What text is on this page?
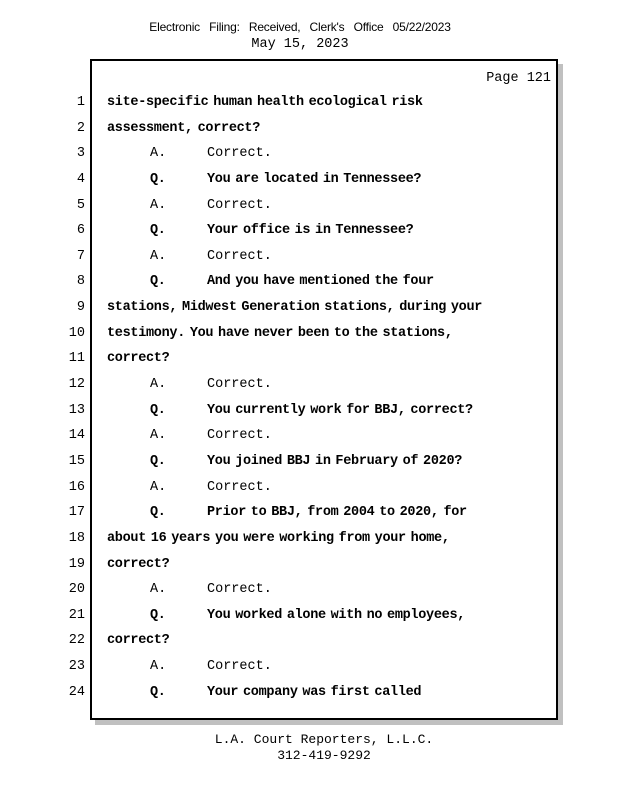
Electronic Filing: Received, Clerk's Office 05/22/2023
May 15, 2023
Page 121
1 site-specific human health ecological risk
2 assessment, correct?
3	A.	Correct.
4	Q.	You are located in Tennessee?
5	A.	Correct.
6	Q.	Your office is in Tennessee?
7	A.	Correct.
8	Q.	And you have mentioned the four
9 stations, Midwest Generation stations, during your
10 testimony. You have never been to the stations,
11 correct?
12	A.	Correct.
13	Q.	You currently work for BBJ, correct?
14	A.	Correct.
15	Q.	You joined BBJ in February of 2020?
16	A.	Correct.
17	Q.	Prior to BBJ, from 2004 to 2020, for
18 about 16 years you were working from your home,
19 correct?
20	A.	Correct.
21	Q.	You worked alone with no employees,
22 correct?
23	A.	Correct.
24	Q.	Your company was first called
L.A. Court Reporters, L.L.C.
312-419-9292
